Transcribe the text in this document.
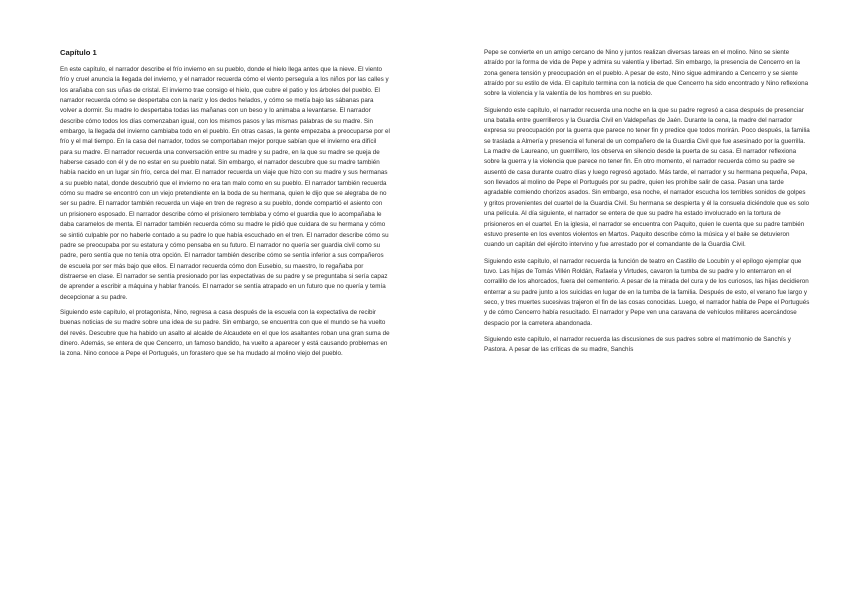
Capítulo 1

En este capítulo, el narrador describe el frío invierno en su pueblo, donde el hielo llega antes que la nieve. El viento frío y cruel anuncia la llegada del invierno, y el narrador recuerda cómo el viento perseguía a los niños por las calles y los arañaba con sus uñas de cristal. El invierno trae consigo el hielo, que cubre el patio y los árboles del pueblo. El narrador recuerda cómo se despertaba con la nariz y los dedos helados, y cómo se metía bajo las sábanas para volver a dormir. Su madre lo despertaba todas las mañanas con un beso y lo animaba a levantarse. El narrador describe cómo todos los días comenzaban igual, con los mismos pasos y las mismas palabras de su madre. Sin embargo, la llegada del invierno cambiaba todo en el pueblo. En otras casas, la gente empezaba a preocuparse por el frío y el mal tiempo. En la casa del narrador, todos se comportaban mejor porque sabían que el invierno era difícil para su madre. El narrador recuerda una conversación entre su madre y su padre, en la que su madre se queja de haberse casado con él y de no estar en su pueblo natal. Sin embargo, el narrador descubre que su madre también había nacido en un lugar sin frío, cerca del mar. El narrador recuerda un viaje que hizo con su madre y sus hermanas a su pueblo natal, donde descubrió que el invierno no era tan malo como en su pueblo. El narrador también recuerda cómo su madre se encontró con un viejo pretendiente en la boda de su hermana, quien le dijo que se alegraba de no ser su padre. El narrador también recuerda un viaje en tren de regreso a su pueblo, donde compartió el asiento con un prisionero esposado. El narrador describe cómo el prisionero temblaba y cómo el guardia que lo acompañaba le daba caramelos de menta. El narrador también recuerda cómo su madre le pidió que cuidara de su hermana y cómo se sintió culpable por no haberle contado a su padre lo que había escuchado en el tren. El narrador describe cómo su padre se preocupaba por su estatura y cómo pensaba en su futuro. El narrador no quería ser guardia civil como su padre, pero sentía que no tenía otra opción. El narrador también describe cómo se sentía inferior a sus compañeros de escuela por ser más bajo que ellos. El narrador recuerda cómo don Eusebio, su maestro, lo regañaba por distraerse en clase. El narrador se sentía presionado por las expectativas de su padre y se preguntaba si sería capaz de aprender a escribir a máquina y hablar francés. El narrador se sentía atrapado en un futuro que no quería y temía decepcionar a su padre.

Siguiendo este capítulo, el protagonista, Nino, regresa a casa después de la escuela con la expectativa de recibir buenas noticias de su madre sobre una idea de su padre. Sin embargo, se encuentra con que el mundo se ha vuelto del revés. Descubre que ha habido un asalto al alcalde de Alcaudete en el que los asaltantes roban una gran suma de dinero. Además, se entera de que Cencerro, un famoso bandido, ha vuelto a aparecer y está causando problemas en la zona. Nino conoce a Pepe el Portugués, un forastero que se ha mudado al molino viejo del pueblo.

Pepe se convierte en un amigo cercano de Nino y juntos realizan diversas tareas en el molino. Nino se siente atraído por la forma de vida de Pepe y admira su valentía y libertad. Sin embargo, la presencia de Cencerro en la zona genera tensión y preocupación en el pueblo. A pesar de esto, Nino sigue admirando a Cencerro y se siente atraído por su estilo de vida. El capítulo termina con la noticia de que Cencerro ha sido encontrado y Nino reflexiona sobre la violencia y la valentía de los hombres en su pueblo.

Siguiendo este capítulo, el narrador recuerda una noche en la que su padre regresó a casa después de presenciar una batalla entre guerrilleros y la Guardia Civil en Valdepeñas de Jaén. Durante la cena, la madre del narrador expresa su preocupación por la guerra que parece no tener fin y predice que todos morirán. Poco después, la familia se traslada a Almería y presencia el funeral de un compañero de la Guardia Civil que fue asesinado por la guerrilla. La madre de Laureano, un guerrillero, los observa en silencio desde la puerta de su casa. El narrador reflexiona sobre la guerra y la violencia que parece no tener fin. En otro momento, el narrador recuerda cómo su padre se ausentó de casa durante cuatro días y luego regresó agotado. Más tarde, el narrador y su hermana pequeña, Pepa, son llevados al molino de Pepe el Portugués por su padre, quien les prohíbe salir de casa. Pasan una tarde agradable comiendo chorizos asados. Sin embargo, esa noche, el narrador escucha los terribles sonidos de golpes y gritos provenientes del cuartel de la Guardia Civil. Su hermana se despierta y él la consuela diciéndole que es solo una película. Al día siguiente, el narrador se entera de que su padre ha estado involucrado en la tortura de prisioneros en el cuartel. En la iglesia, el narrador se encuentra con Paquito, quien le cuenta que su padre también estuvo presente en los eventos violentos en Martos. Paquito describe cómo la música y el baile se detuvieron cuando un capitán del ejército intervino y fue arrestado por el comandante de la Guardia Civil.

Siguiendo este capítulo, el narrador recuerda la función de teatro en Castillo de Locubín y el epílogo ejemplar que tuvo. Las hijas de Tomás Villén Roldán, Rafaela y Virtudes, cavaron la tumba de su padre y lo enterraron en el corralillo de los ahorcados, fuera del cementerio. A pesar de la mirada del cura y de los curiosos, las hijas decidieron enterrar a su padre junto a los suicidas en lugar de en la tumba de la familia. Después de esto, el verano fue largo y seco, y tres muertes sucesivas trajeron el fin de las cosas conocidas. Luego, el narrador habla de Pepe el Portugués y de cómo Cencerro había resucitado. El narrador y Pepe ven una caravana de vehículos militares acercándose despacio por la carretera abandonada.

Siguiendo este capítulo, el narrador recuerda las discusiones de sus padres sobre el matrimonio de Sanchís y Pastora. A pesar de las críticas de su madre, Sanchís
